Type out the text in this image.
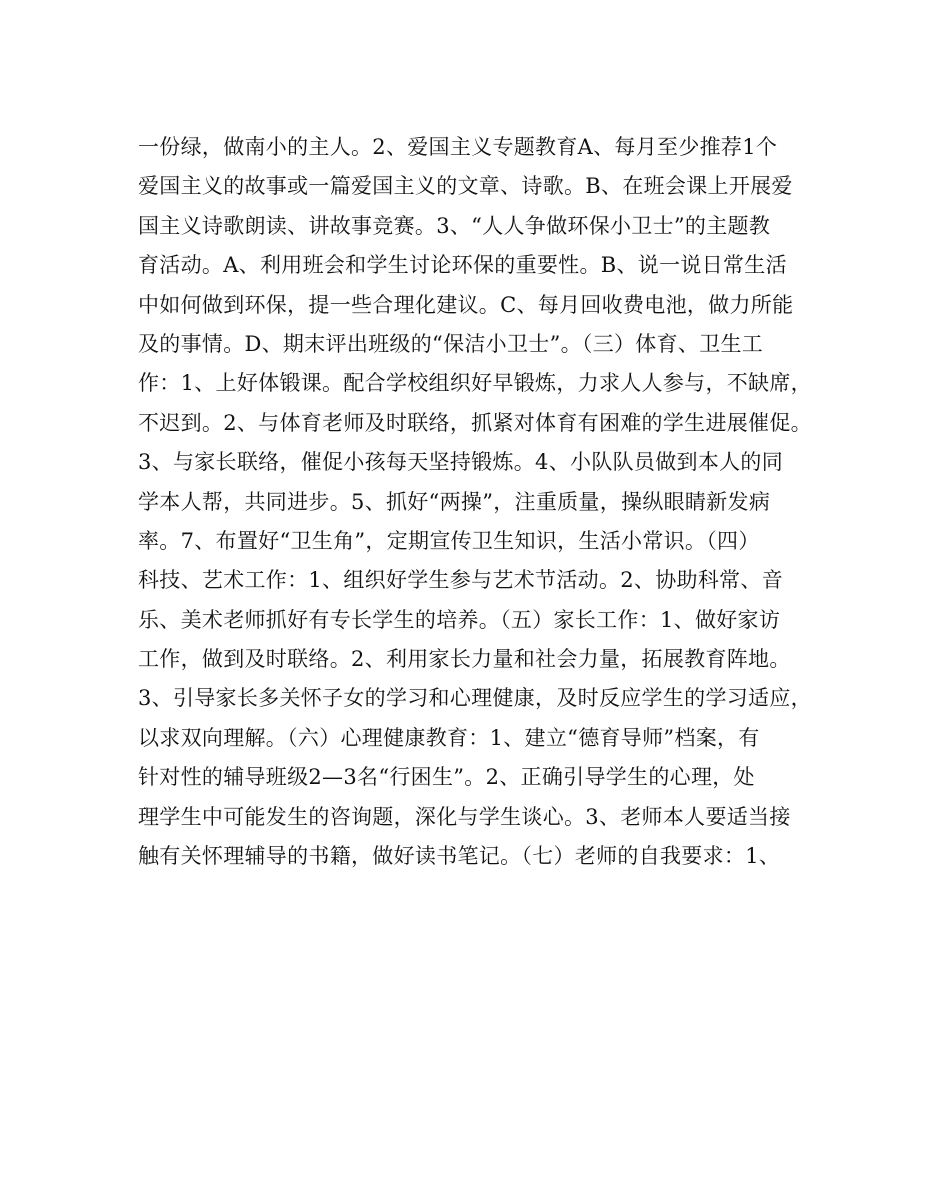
一份绿，做南小的主人。2、爱国主义专题教育A、每月至少推荐1个
爱国主义的故事或一篇爱国主义的文章、诗歌。B、在班会课上开展爱
国主义诗歌朗读、讲故事竞赛。3、“人人争做环保小卫士”的主题教
育活动。A、利用班会和学生讨论环保的重要性。B、说一说日常生活
中如何做到环保，提一些合理化建议。C、每月回收费电池，做力所能
及的事情。D、期末评出班级的“保洁小卫士”。（三）体育、卫生工
作：1、上好体锻课。配合学校组织好早锻炼，力求人人参与，不缺席，
不迟到。2、与体育老师及时联络，抓紧对体育有困难的学生进展催促。
3、与家长联络，催促小孩每天坚持锻炼。4、小队队员做到本人的同
学本人帮，共同进步。5、抓好“两操”，注重质量，操纵眼睛新发病
率。7、布置好“卫生角”，定期宣传卫生知识，生活小常识。（四）
科技、艺术工作：1、组织好学生参与艺术节活动。2、协助科常、音
乐、美术老师抓好有专长学生的培养。（五）家长工作：1、做好家访
工作，做到及时联络。2、利用家长力量和社会力量，拓展教育阵地。
3、引导家长多关怀子女的学习和心理健康，及时反应学生的学习适应，
以求双向理解。（六）心理健康教育：1、建立“德育导师”档案，有
针对性的辅导班级2—3名“行困生”。2、正确引导学生的心理，处
理学生中可能发生的咨询题，深化与学生谈心。3、老师本人要适当接
触有关怀理辅导的书籍，做好读书笔记。（七）老师的自我要求：1、
